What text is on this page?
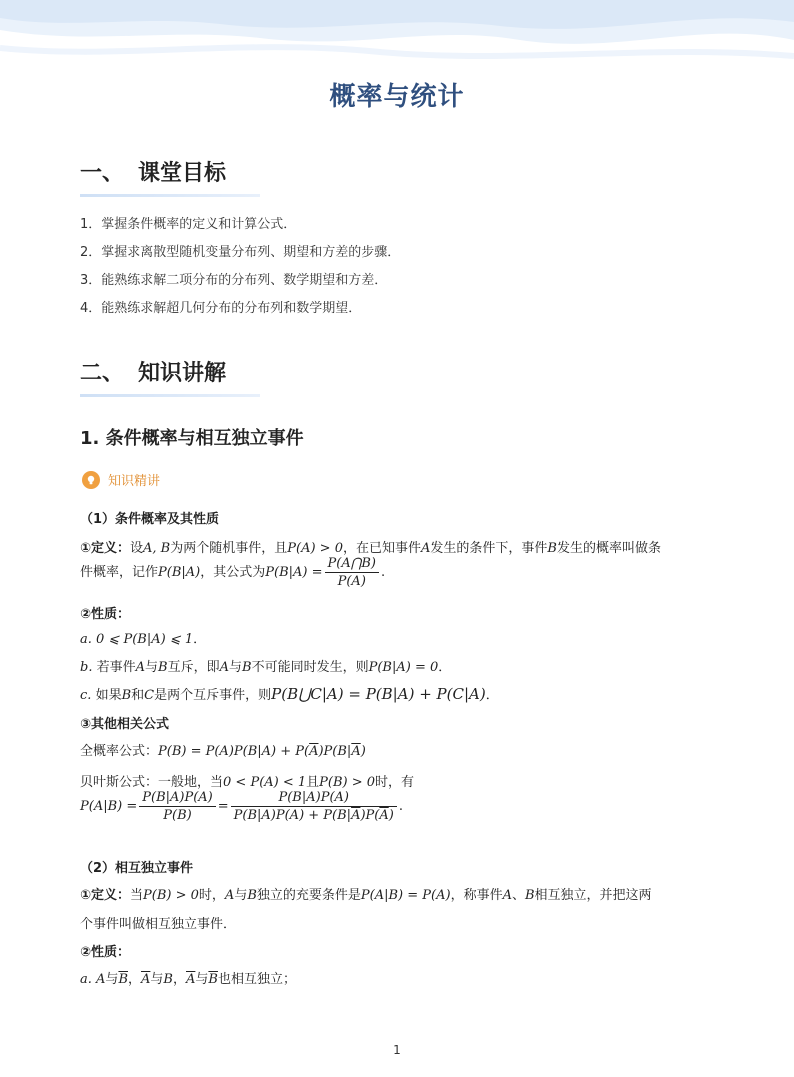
概率与统计
一、 课堂目标
1．掌握条件概率的定义和计算公式．
2．掌握求离散型随机变量分布列、期望和方差的步骤．
3．能熟练求解二项分布的分布列、数学期望和方差．
4．能熟练求解超几何分布的分布列和数学期望．
二、 知识讲解
1. 条件概率与相互独立事件
知识精讲
（1）条件概率及其性质
①定义：设A, B为两个随机事件，且P(A) > 0，在已知事件A发生的条件下，事件B发生的概率叫做条
件概率，记作P(B|A)，其公式为$P(B|A) = \frac{P(A⋂B)}{P(A)}$ .
②性质：
a. 0 ⩽ P(B|A) ⩽ 1．
b. 若事件A与B互斥，即A与B不可能同时发生，则P(B|A) = 0．
c. 如果B和C是两个互斥事件，则P(B⋃C|A) = P(B|A) + P(C|A)．
③其他相关公式
全概率公式：$P(B) = P(A)P(B|A) + P(\overline{A})P(B|\overline{A})$
贝叶斯公式：一般地，当0 < P(A) < 1且P(B) > 0时，有
$P(A|B) = \frac{P(B|A)P(A)}{P(B)} = \frac{P(B|A)P(A)}{P(B|A)P(A) + P(B|\overline{A})P(\overline{A})}$ .
（2）相互独立事件
①定义：当P(B) > 0时，A与B独立的充要条件是P(A|B) = P(A)，称事件A、B相互独立，并把这两
个事件叫做相互独立事件．
②性质：
a. A与$\overline{B}$，$\overline{A}$与B，$\overline{A}$与$\overline{B}$也相互独立；
1
